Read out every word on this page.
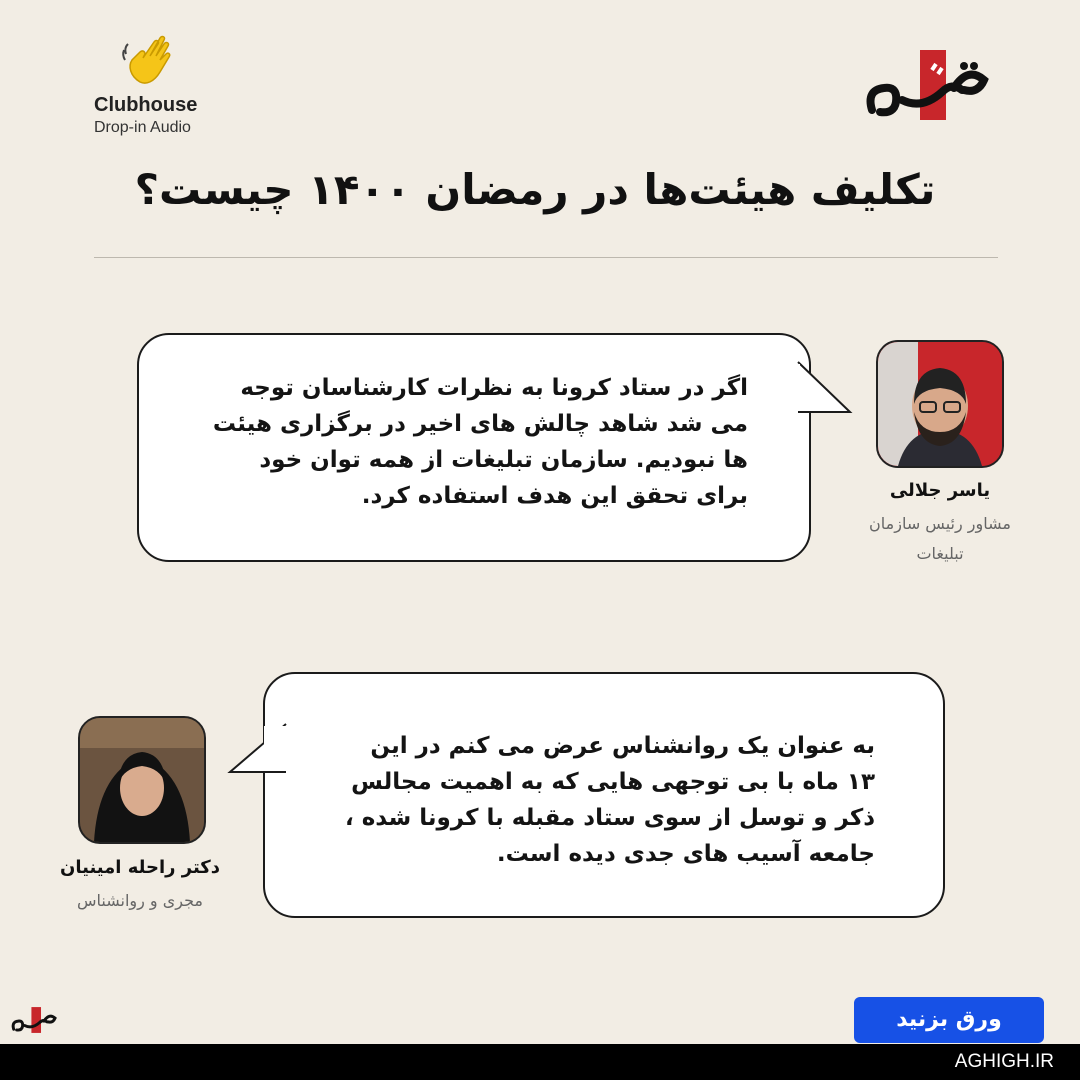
Clubhouse
Drop-in Audio
تکلیف هیئت‌ها در رمضان ۱۴۰۰ چیست؟
اگر در ستاد کرونا به نظرات کارشناسان توجه می شد شاهد چالش های اخیر در برگزاری هیئت ها نبودیم. سازمان تبلیغات از همه توان خود برای تحقق این هدف استفاده کرد.	یاسر جلالی
مشاور رئیس سازمان تبلیغات
به عنوان یک روانشناس عرض می کنم در این ۱۳ ماه با بی توجهی هایی که به اهمیت مجالس ذکر و توسل از سوی ستاد مقبله با کرونا شده ، جامعه آسیب های جدی دیده است.
دکتر راحله امینیان
مجری و روانشناس
ورق بزنید
AGHIGH.IR
